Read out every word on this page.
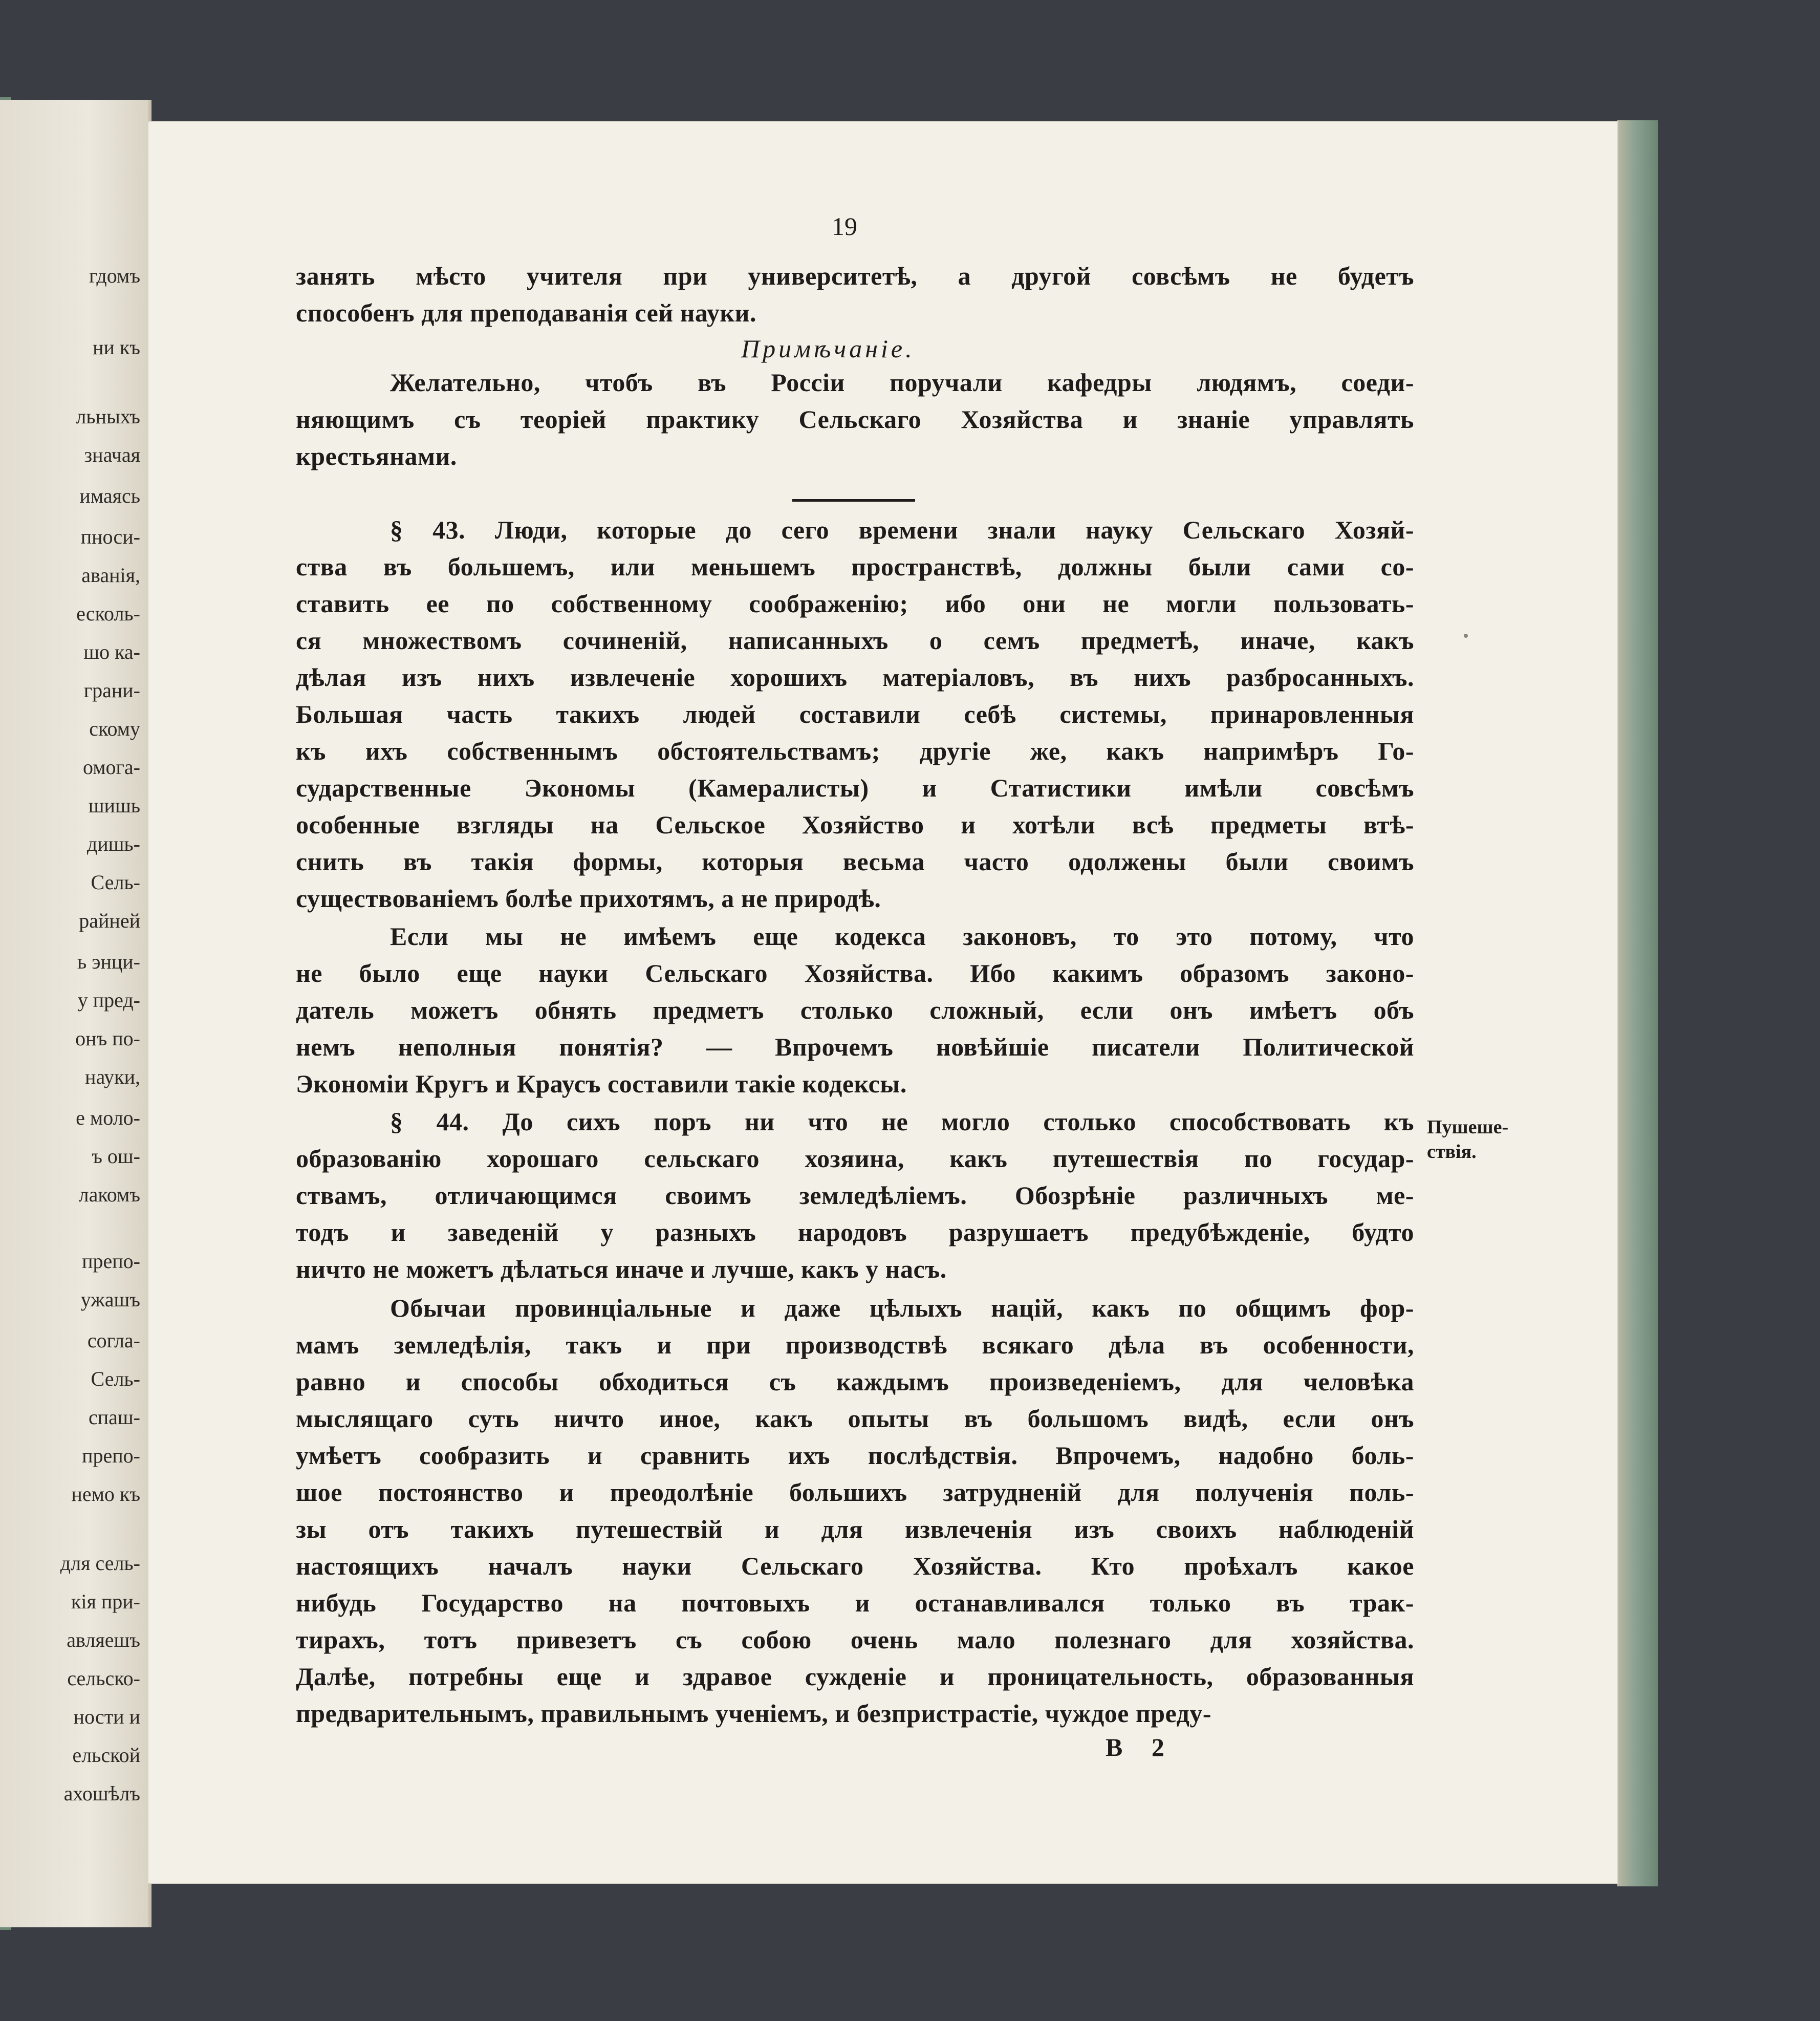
гдомъ
ни къ
льныхъ
значая
имаясь
пноси-
аванія,
есколь-
шо ка-
грани-
скому
омога-
шишь
дишь-
Сель-
райней
ь энци-
у пред-
онъ по-
науки,
е моло-
ъ ош-
лакомъ
препо-
ужашъ
согла-
Сель-
спаш-
препо-
немо къ
для сель-
кія при-
авляешъ
сельско-
ности и
ельской
ахошѣлъ
19
Примѣчаніе.
Пушеше-ствія.
В 2
занять мѣсто учителя при университетѣ, а другой совсѣмъ не будетъ
способенъ для преподаванія сей науки.
Желательно, чтобъ въ Россіи поручали кафедры людямъ, соеди-
няющимъ съ теоріей практику Сельскаго Хозяйства и знаніе управлять
крестьянами.
§ 43. Люди, которые до сего времени знали науку Сельскаго Хозяй-
ства въ большемъ, или меньшемъ пространствѣ, должны были сами со-
ставить ее по собственному соображенію; ибо они не могли пользовать-
ся множествомъ сочиненій, написанныхъ о семъ предметѣ, иначе, какъ
дѣлая изъ нихъ извлеченіе хорошихъ матеріаловъ, въ нихъ разбросанныхъ.
Большая часть такихъ людей составили себѣ системы, принаровленныя
къ ихъ собственнымъ обстоятельствамъ; другіе же, какъ напримѣръ Го-
сударственные Экономы (Камералисты) и Статистики имѣли совсѣмъ
особенные взгляды на Сельское Хозяйство и хотѣли всѣ предметы втѣ-
снить въ такія формы, которыя весьма часто одолжены были своимъ
существованіемъ болѣе прихотямъ, а не природѣ.
Если мы не имѣемъ еще кодекса законовъ, то это потому, что
не было еще науки Сельскаго Хозяйства. Ибо какимъ образомъ законо-
датель можетъ обнять предметъ столько сложный, если онъ имѣетъ объ
немъ неполныя понятія? — Впрочемъ новѣйшіе писатели Политической
Экономіи Кругъ и Краусъ составили такіе кодексы.
§ 44. До сихъ поръ ни что не могло столько способствовать къ
образованію хорошаго сельскаго хозяина, какъ путешествія по государ-
ствамъ, отличающимся своимъ земледѣліемъ. Обозрѣніе различныхъ ме-
тодъ и заведеній у разныхъ народовъ разрушаетъ предубѣжденіе, будто
ничто не можетъ дѣлаться иначе и лучше, какъ у насъ.
Обычаи провинціальные и даже цѣлыхъ націй, какъ по общимъ фор-
мамъ земледѣлія, такъ и при производствѣ всякаго дѣла въ особенности,
равно и способы обходиться съ каждымъ произведеніемъ, для человѣка
мыслящаго суть ничто иное, какъ опыты въ большомъ видѣ, если онъ
умѣетъ сообразить и сравнить ихъ послѣдствія. Впрочемъ, надобно боль-
шое постоянство и преодолѣніе большихъ затрудненій для полученія поль-
зы отъ такихъ путешествій и для извлеченія изъ своихъ наблюденій
настоящихъ началъ науки Сельскаго Хозяйства. Кто проѣхалъ какое
нибудь Государство на почтовыхъ и останавливался только въ трак-
тирахъ, тотъ привезетъ съ собою очень мало полезнаго для хозяйства.
Далѣе, потребны еще и здравое сужденіе и проницательность, образованныя
предварительнымъ, правильнымъ ученіемъ, и безпристрастіе, чуждое преду-
